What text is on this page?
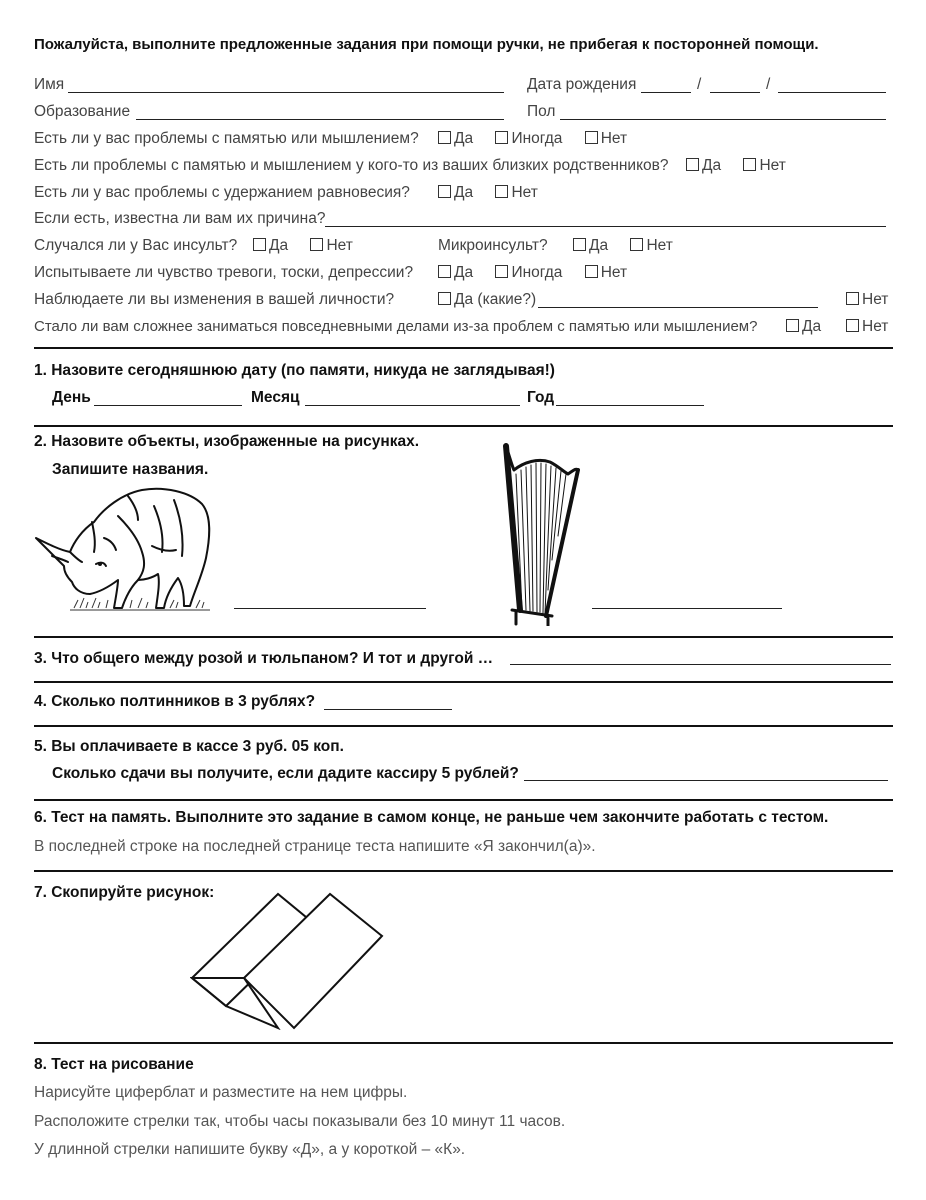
Пожалуйста, выполните предложенные задания при помощи ручки, не прибегая к посторонней помощи.
Имя	Дата рождения	/	/
Образование	Пол
Есть ли у вас проблемы с памятью или мышлением?	Да Иногда Нет
Есть ли проблемы с памятью и мышлением у кого-то из ваших близких родственников?	Да Нет
Есть ли у вас проблемы с удержанием равновесия?	Да Нет
Если есть, известна ли вам их причина?
Случался ли у Вас инсульт?	Да Нет	Микроинсульт?	Да Нет
Испытываете ли чувство тревоги, тоски, депрессии?	Да Иногда Нет
Наблюдаете ли вы изменения в вашей личности?	Да (какие?)	Нет
Стало ли вам сложнее заниматься повседневными делами из-за проблем с памятью или мышлением?	Да	Нет
1. Назовите сегодняшнюю дату (по памяти, никуда не заглядывая!)
День	Месяц	Год
2. Назовите объекты, изображенные на рисунках.
Запишите названия.
3. Что общего между розой и тюльпаном? И тот и другой …
4. Сколько полтинников в 3 рублях?
5. Вы оплачиваете в кассе 3 руб. 05 коп.
Сколько сдачи вы получите, если дадите кассиру 5 рублей?
6. Тест на память. Выполните это задание в самом конце, не раньше чем закончите работать с тестом.
В последней строке на последней странице теста напишите «Я закончил(а)».
7. Скопируйте рисунок:
8. Тест на рисование
Нарисуйте циферблат и разместите на нем цифры.
Расположите стрелки так, чтобы часы показывали без 10 минут 11 часов.
У длинной стрелки напишите букву «Д», а у короткой – «К».
